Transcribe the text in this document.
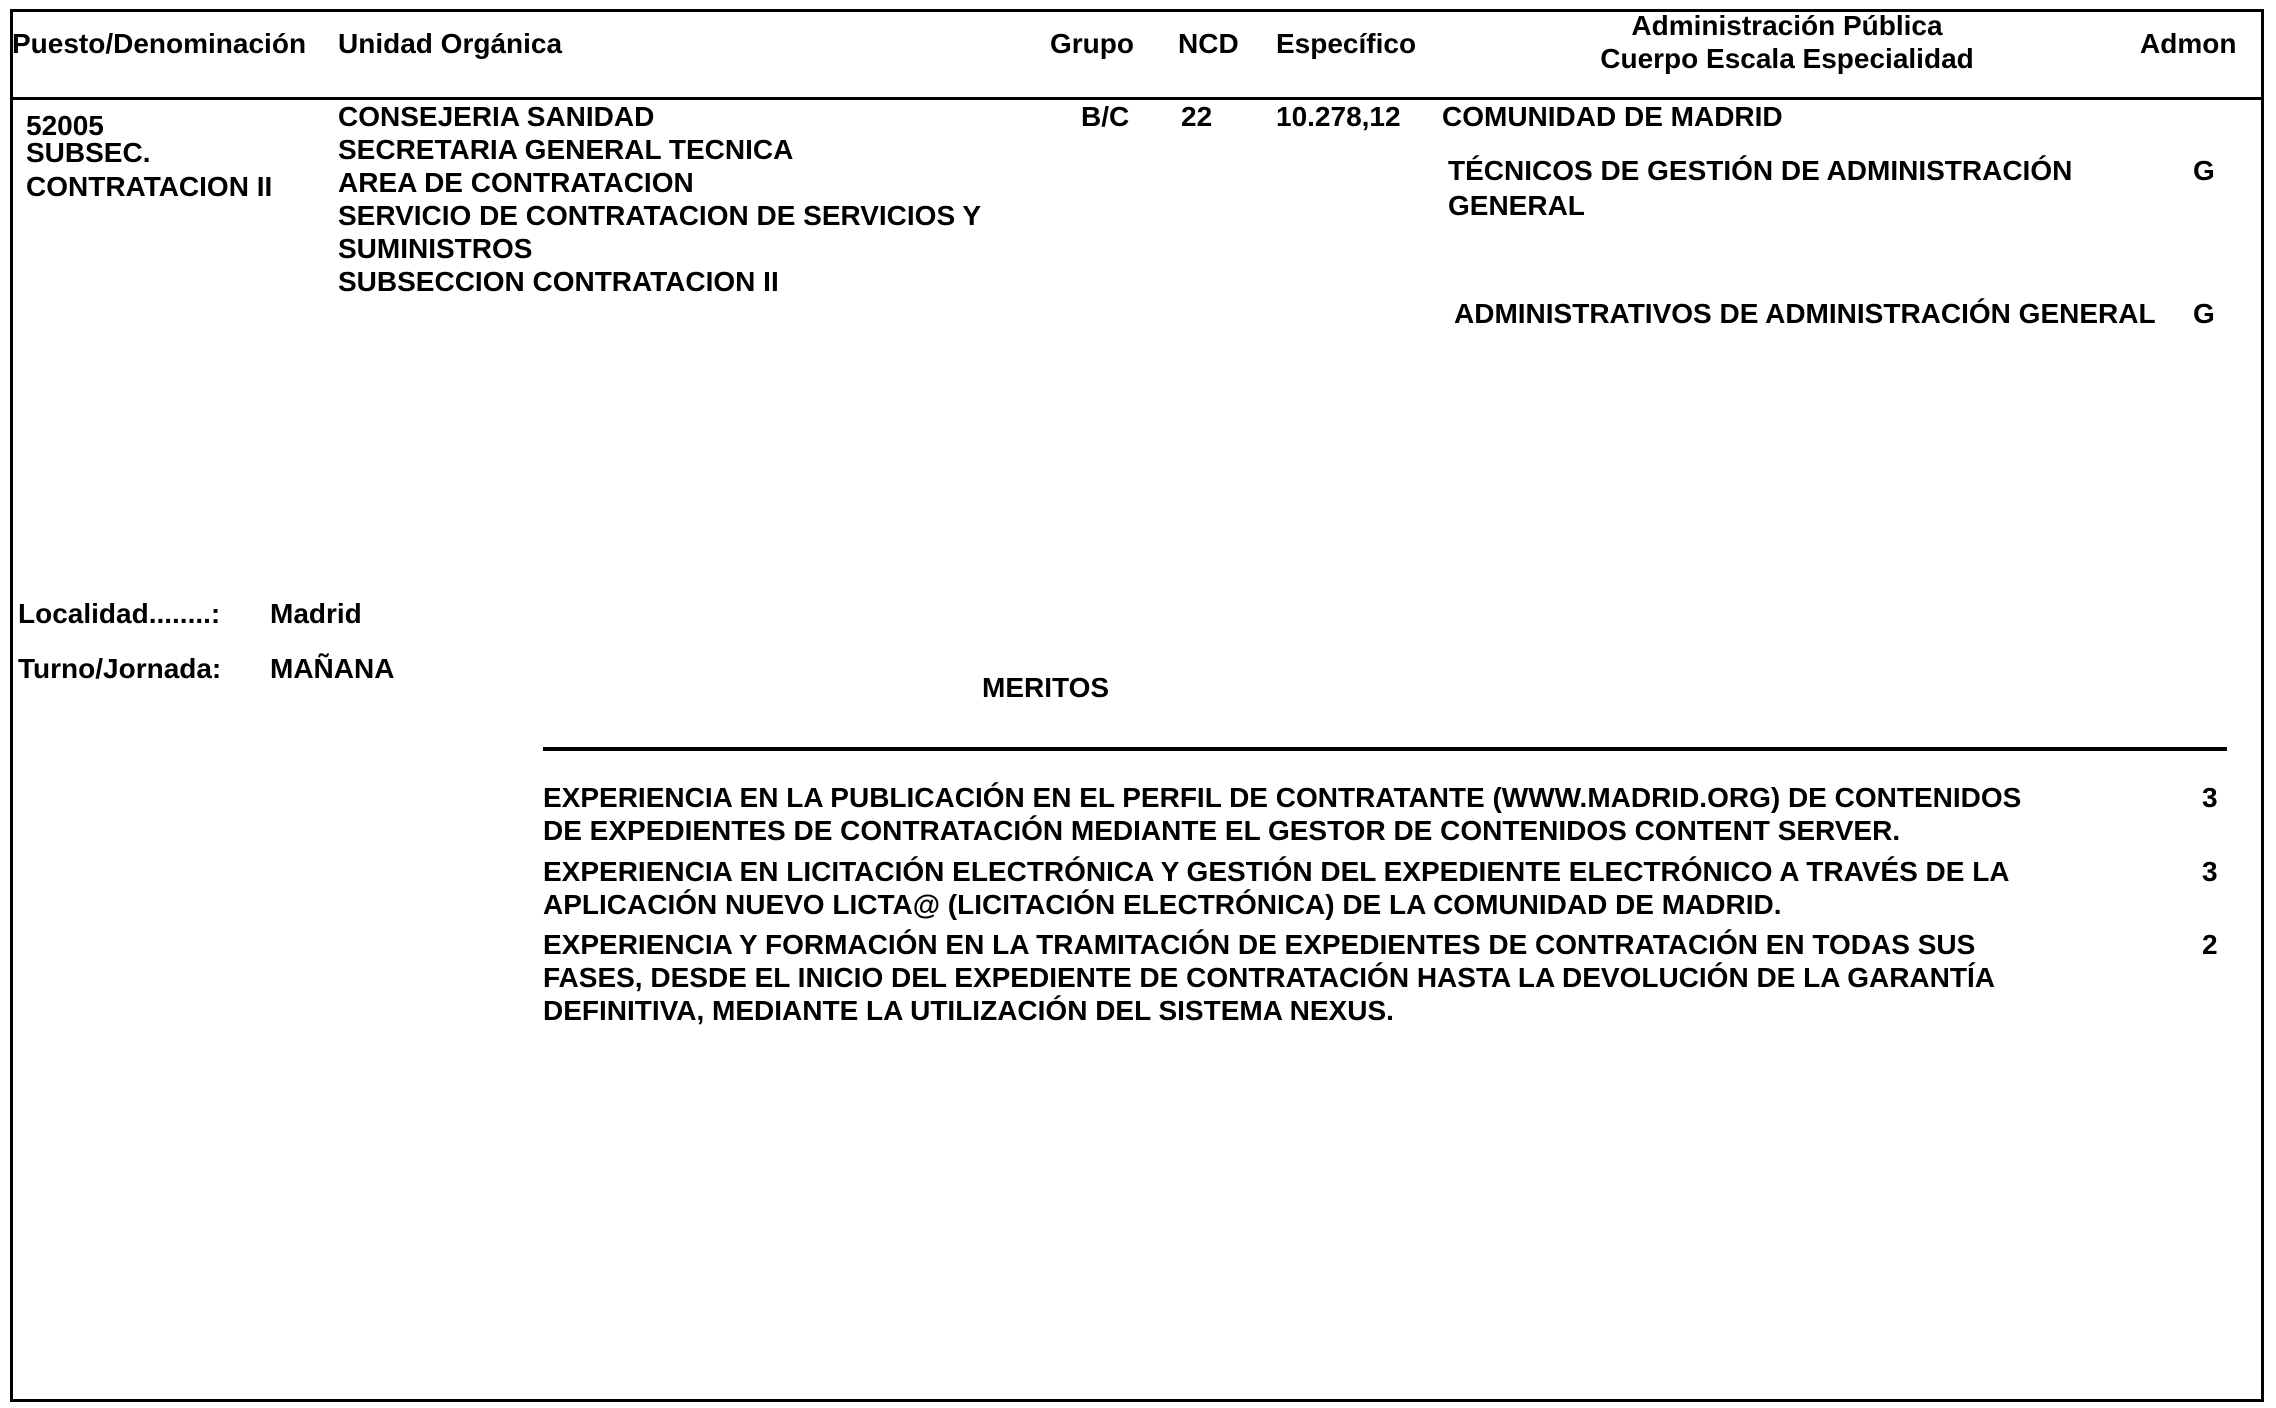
Puesto/Denominación Unidad Orgánica	Grupo NCD Específico
Administración Pública
Cuerpo Escala Especialidad	Admon
52005
SUBSEC.
CONTRATACION II
CONSEJERIA SANIDAD
SECRETARIA GENERAL TECNICA
AREA DE CONTRATACION
SERVICIO DE CONTRATACION DE SERVICIOS Y
SUMINISTROS
SUBSECCION CONTRATACION II
B/C 22 10.278,12 COMUNIDAD DE MADRID
TÉCNICOS DE GESTIÓN DE ADMINISTRACIÓN
GENERAL
G
ADMINISTRATIVOS DE ADMINISTRACIÓN GENERAL G
Localidad........: Madrid
Turno/Jornada: MAÑANA
MERITOS
EXPERIENCIA EN LA PUBLICACIÓN EN EL PERFIL DE CONTRATANTE (WWW.MADRID.ORG) DE CONTENIDOS
DE EXPEDIENTES DE CONTRATACIÓN MEDIANTE EL GESTOR DE CONTENIDOS CONTENT SERVER.
3
EXPERIENCIA EN LICITACIÓN ELECTRÓNICA Y GESTIÓN DEL EXPEDIENTE ELECTRÓNICO A TRAVÉS DE LA
APLICACIÓN NUEVO LICTA@ (LICITACIÓN ELECTRÓNICA) DE LA COMUNIDAD DE MADRID.
3
EXPERIENCIA Y FORMACIÓN EN LA TRAMITACIÓN DE EXPEDIENTES DE CONTRATACIÓN EN TODAS SUS
FASES, DESDE EL INICIO DEL EXPEDIENTE DE CONTRATACIÓN HASTA LA DEVOLUCIÓN DE LA GARANTÍA
DEFINITIVA, MEDIANTE LA UTILIZACIÓN DEL SISTEMA NEXUS.
2
